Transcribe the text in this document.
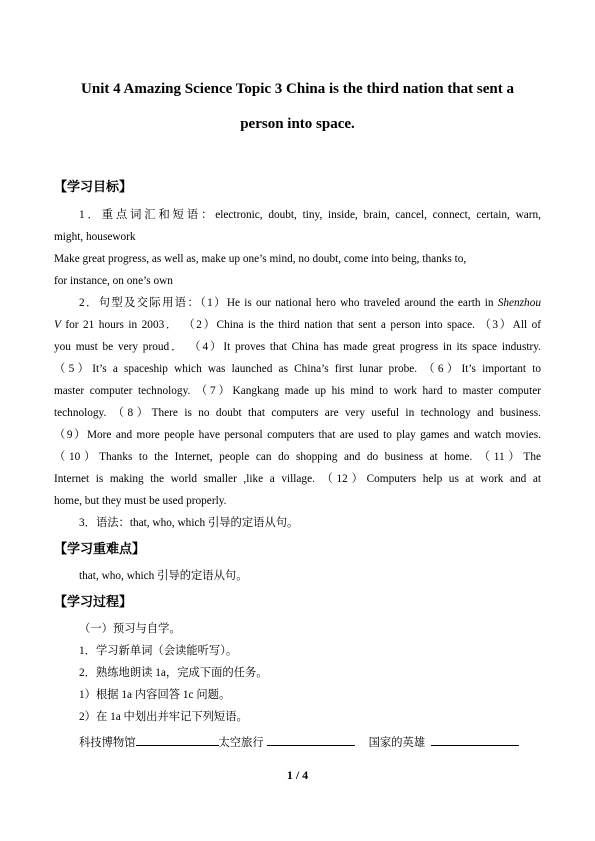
Unit 4 Amazing Science Topic 3 China is the third nation that sent a
person into space.
【学习目标】
1．重点词汇和短语：electronic, doubt, tiny, inside, brain, cancel, connect, certain, warn,
might, housework
Make great progress, as well as, make up one’s mind, no doubt, come into being, thanks to,
for instance, on one’s own
2．句型及交际用语：（1）He is our national hero who traveled around the earth in Shenzhou
V for 21 hours in 2003． （2）China is the third nation that sent a person into space. （3）All of
you must be very proud． （4）It proves that China has made great progress in its space industry.
（5）It’s a spaceship which was launched as China’s first lunar probe. （6）It’s important to
master computer technology. （7）Kangkang made up his mind to work hard to master computer
technology. （8）There is no doubt that computers are very useful in technology and business.
（9）More and more people have personal computers that are used to play games and watch movies.
（10）Thanks to the Internet, people can do shopping and do business at home. （11）The
Internet is making the world smaller ,like a village. （12）Computers help us at work and at
home, but they must be used properly.
3．语法：that, who, which 引导的定语从句。
【学习重难点】
that, who, which 引导的定语从句。
【学习过程】
（一）预习与自学。
1．学习新单词（会读能听写）。
2．熟练地朗读 1a，完成下面的任务。
1）根据 1a 内容回答 1c 问题。
2）在 1a 中划出并牢记下列短语。
科技博物馆	太空旅行	国家的英雄
1 / 4
